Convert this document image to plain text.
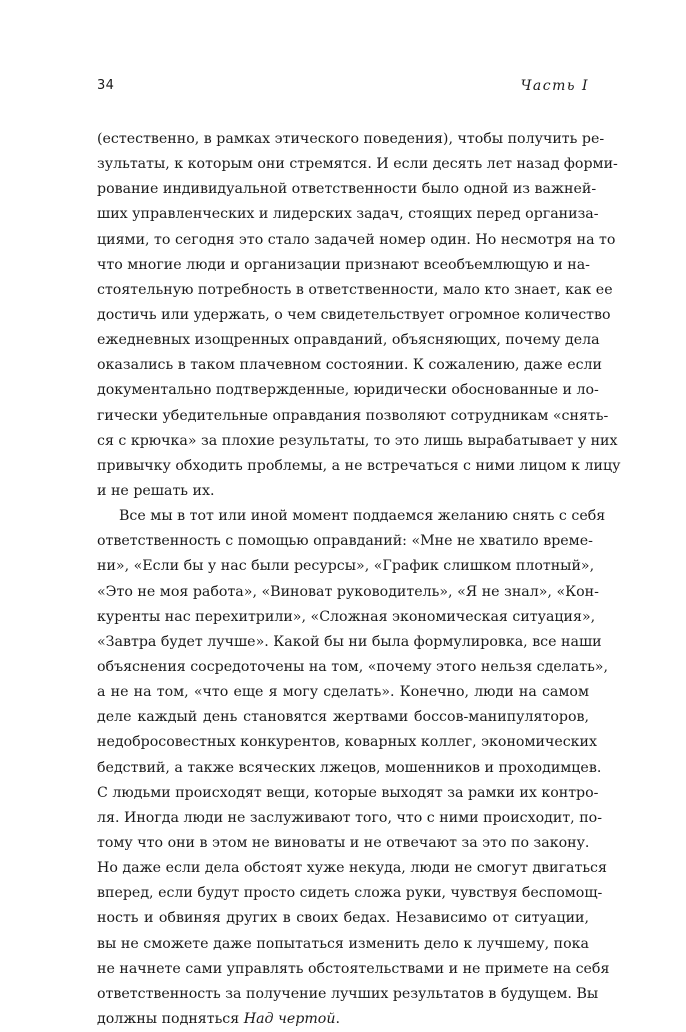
34	Часть I
(естественно, в рамках этического поведения), чтобы получить ре-
зультаты, к которым они стремятся. И если десять лет назад форми-
рование индивидуальной ответственности было одной из важней-
ших управленческих и лидерских задач, стоящих перед организа-
циями, то сегодня это стало задачей номер один. Но несмотря на то
что многие люди и организации признают всеобъемлющую и на-
стоятельную потребность в ответственности, мало кто знает, как ее
достичь или удержать, о чем свидетельствует огромное количество
ежедневных изощренных оправданий, объясняющих, почему дела
оказались в таком плачевном состоянии. К сожалению, даже если
документально подтвержденные, юридически обоснованные и ло-
гически убедительные оправдания позволяют сотрудникам «снять-
ся с крючка» за плохие результаты, то это лишь вырабатывает у них
привычку обходить проблемы, а не встречаться с ними лицом к лицу
и не решать их.
Все мы в тот или иной момент поддаемся желанию снять с себя
ответственность с помощью оправданий: «Мне не хватило време-
ни», «Если бы у нас были ресурсы», «График слишком плотный»,
«Это не моя работа», «Виноват руководитель», «Я не знал», «Кон-
куренты нас перехитрили», «Сложная экономическая ситуация»,
«Завтра будет лучше». Какой бы ни была формулировка, все наши
объяснения сосредоточены на том, «почему этого нельзя сделать»,
а не на том, «что еще я могу сделать». Конечно, люди на самом
деле каждый день становятся жертвами боссов-манипуляторов,
недобросовестных конкурентов, коварных коллег, экономических
бедствий, а также всяческих лжецов, мошенников и проходимцев.
С людьми происходят вещи, которые выходят за рамки их контро-
ля. Иногда люди не заслуживают того, что с ними происходит, по-
тому что они в этом не виноваты и не отвечают за это по закону.
Но даже если дела обстоят хуже некуда, люди не смогут двигаться
вперед, если будут просто сидеть сложа руки, чувствуя беспомощ-
ность и обвиняя других в своих бедах. Независимо от ситуации,
вы не сможете даже попытаться изменить дело к лучшему, пока
не начнете сами управлять обстоятельствами и не примете на себя
ответственность за получение лучших результатов в будущем. Вы
должны подняться Над чертой.
